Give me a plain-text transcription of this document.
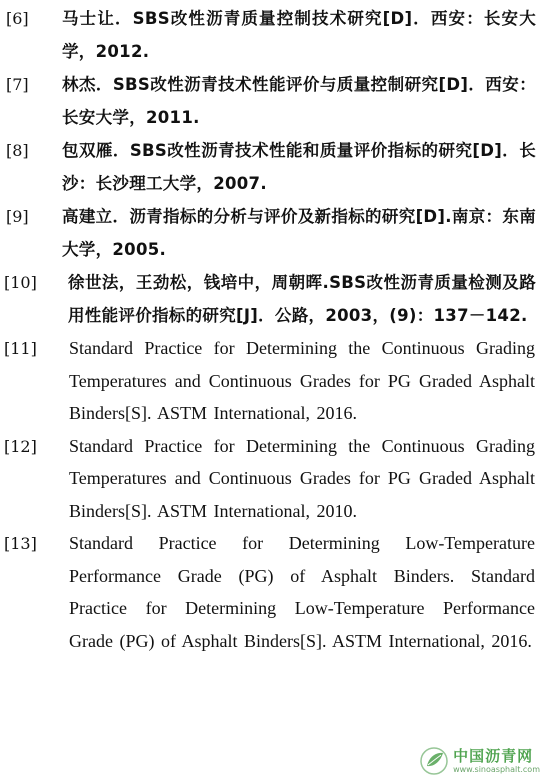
[6] 马士让．SBS改性沥青质量控制技术研究[D]．西安：长安大学，2012.
[7] 林杰．SBS改性沥青技术性能评价与质量控制研究[D]．西安：长安大学，2011.
[8] 包双雁．SBS改性沥青技术性能和质量评价指标的研究[D]．长沙：长沙理工大学，2007.
[9] 高建立．沥青指标的分析与评价及新指标的研究[D].南京：东南大学，2005.
[10] 徐世法，王劲松，钱培中，周朝晖.SBS改性沥青质量检测及路用性能评价指标的研究[J]．公路，2003，(9)：137－142.
[11] Standard Practice for Determining the Continuous Grading Temperatures and Continuous Grades for PG Graded Asphalt Binders[S]. ASTM International, 2016.
[12] Standard Practice for Determining the Continuous Grading Temperatures and Continuous Grades for PG Graded Asphalt Binders[S]. ASTM International, 2010.
[13] Standard Practice for Determining Low-Temperature Performance Grade (PG) of Asphalt Binders. Standard Practice for Determining Low-Temperature Performance Grade (PG) of Asphalt Binders[S]. ASTM International, 2016.
中国沥青网
www.sinoasphalt.com
